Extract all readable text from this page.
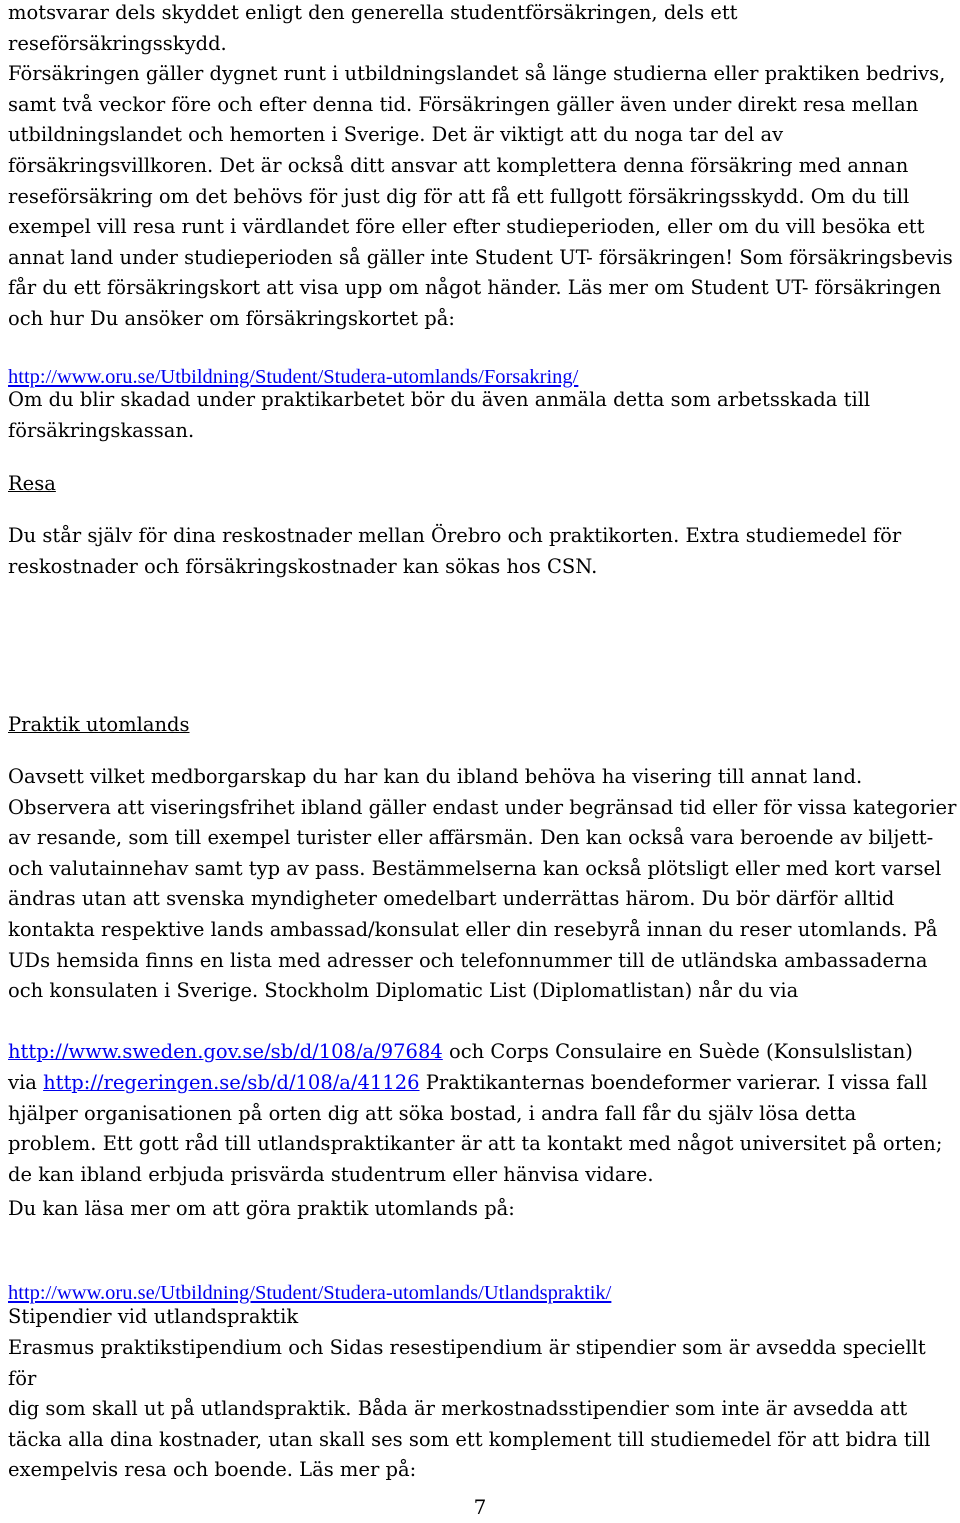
motsvarar dels skyddet enligt den generella studentförsäkringen, dels ett reseförsäkringsskydd.
Försäkringen gäller dygnet runt i utbildningslandet så länge studierna eller praktiken bedrivs,
samt två veckor före och efter denna tid. Försäkringen gäller även under direkt resa mellan
utbildningslandet och hemorten i Sverige. Det är viktigt att du noga tar del av
försäkringsvillkoren. Det är också ditt ansvar att komplettera denna försäkring med annan
reseförsäkring om det behövs för just dig för att få ett fullgott försäkringsskydd. Om du till
exempel vill resa runt i värdlandet före eller efter studieperioden, eller om du vill besöka ett
annat land under studieperioden så gäller inte Student UT- försäkringen! Som försäkringsbevis
får du ett försäkringskort att visa upp om något händer. Läs mer om Student UT- försäkringen
och hur Du ansöker om försäkringskortet på:

http://www.oru.se/Utbildning/Student/Studera-utomlands/Forsakring/

Om du blir skadad under praktikarbetet bör du även anmäla detta som arbetsskada till
försäkringskassan.

Resa

Du står själv för dina reskostnader mellan Örebro och praktikorten. Extra studiemedel för
reskostnader och försäkringskostnader kan sökas hos CSN.

Praktik utomlands

Oavsett vilket medborgarskap du har kan du ibland behöva ha visering till annat land.
Observera att viseringsfrihet ibland gäller endast under begränsad tid eller för vissa kategorier
av resande, som till exempel turister eller affärsmän. Den kan också vara beroende av biljett-
och valutainnehav samt typ av pass. Bestämmelserna kan också plötsligt eller med kort varsel
ändras utan att svenska myndigheter omedelbart underrättas härom. Du bör därför alltid
kontakta respektive lands ambassad/konsulat eller din resebyrå innan du reser utomlands. På
UDs hemsida finns en lista med adresser och telefonnummer till de utländska ambassaderna
och konsulaten i Sverige. Stockholm Diplomatic List (Diplomatlistan) når du via

http://www.sweden.gov.se/sb/d/108/a/97684 och Corps Consulaire en Suède (Konsulslistan)

via http://regeringen.se/sb/d/108/a/41126 Praktikanternas boendeformer varierar. I vissa fall

hjälper organisationen på orten dig att söka bostad, i andra fall får du själv lösa detta
problem. Ett gott råd till utlandspraktikanter är att ta kontakt med något universitet på orten;
de kan ibland erbjuda prisvärda studentrum eller hänvisa vidare.

Du kan läsa mer om att göra praktik utomlands på:

http://www.oru.se/Utbildning/Student/Studera-utomlands/Utlandspraktik/

Stipendier vid utlandspraktik

Erasmus praktikstipendium och Sidas resestipendium är stipendier som är avsedda speciellt för
dig som skall ut på utlandspraktik. Båda är merkostnadsstipendier som inte är avsedda att
täcka alla dina kostnader, utan skall ses som ett komplement till studiemedel för att bidra till
exempelvis resa och boende. Läs mer på:

7
